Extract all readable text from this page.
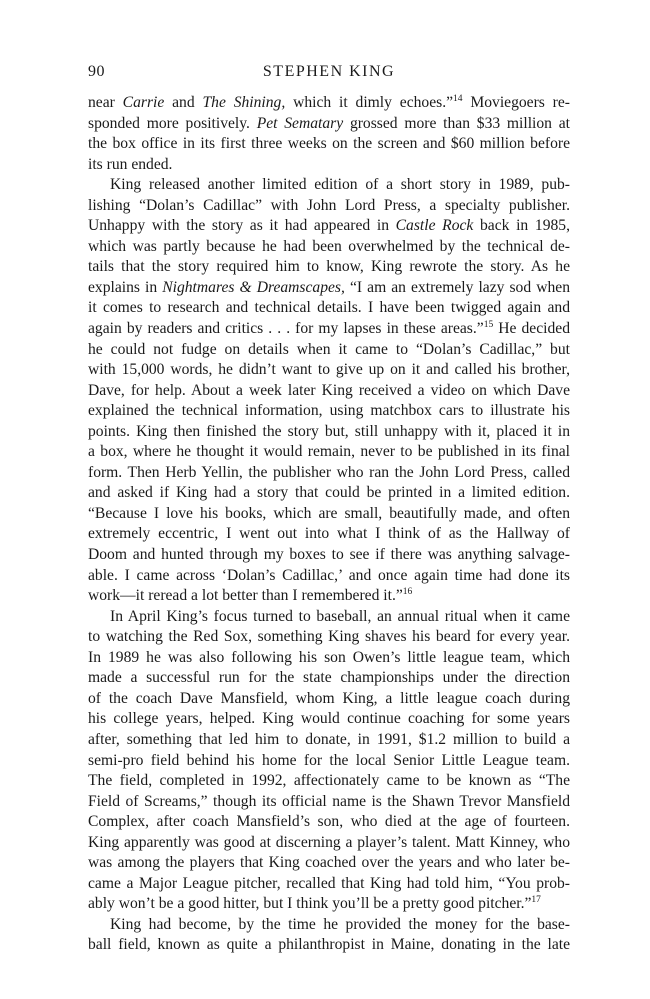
90	STEPHEN KING
near Carrie and The Shining, which it dimly echoes.”$^{14}$ Moviegoers re-
sponded more positively. Pet Sematary grossed more than $33 million at
the box office in its first three weeks on the screen and $60 million before
its run ended.
King released another limited edition of a short story in 1989, pub-
lishing “Dolan’s Cadillac” with John Lord Press, a specialty publisher.
Unhappy with the story as it had appeared in Castle Rock back in 1985,
which was partly because he had been overwhelmed by the technical de-
tails that the story required him to know, King rewrote the story. As he
explains in Nightmares & Dreamscapes, “I am an extremely lazy sod when
it comes to research and technical details. I have been twigged again and
again by readers and critics . . . for my lapses in these areas.”$^{15}$ He decided
he could not fudge on details when it came to “Dolan’s Cadillac,” but
with 15,000 words, he didn’t want to give up on it and called his brother,
Dave, for help. About a week later King received a video on which Dave
explained the technical information, using matchbox cars to illustrate his
points. King then finished the story but, still unhappy with it, placed it in
a box, where he thought it would remain, never to be published in its final
form. Then Herb Yellin, the publisher who ran the John Lord Press, called
and asked if King had a story that could be printed in a limited edition.
“Because I love his books, which are small, beautifully made, and often
extremely eccentric, I went out into what I think of as the Hallway of
Doom and hunted through my boxes to see if there was anything salvage-
able. I came across ‘Dolan’s Cadillac,’ and once again time had done its
work—it reread a lot better than I remembered it.”$^{16}$
In April King’s focus turned to baseball, an annual ritual when it came
to watching the Red Sox, something King shaves his beard for every year.
In 1989 he was also following his son Owen’s little league team, which
made a successful run for the state championships under the direction
of the coach Dave Mansfield, whom King, a little league coach during
his college years, helped. King would continue coaching for some years
after, something that led him to donate, in 1991, $1.2 million to build a
semi-pro field behind his home for the local Senior Little League team.
The field, completed in 1992, affectionately came to be known as “The
Field of Screams,” though its official name is the Shawn Trevor Mansfield
Complex, after coach Mansfield’s son, who died at the age of fourteen.
King apparently was good at discerning a player’s talent. Matt Kinney, who
was among the players that King coached over the years and who later be-
came a Major League pitcher, recalled that King had told him, “You prob-
ably won’t be a good hitter, but I think you’ll be a pretty good pitcher.”$^{17}$
King had become, by the time he provided the money for the base-
ball field, known as quite a philanthropist in Maine, donating in the late
